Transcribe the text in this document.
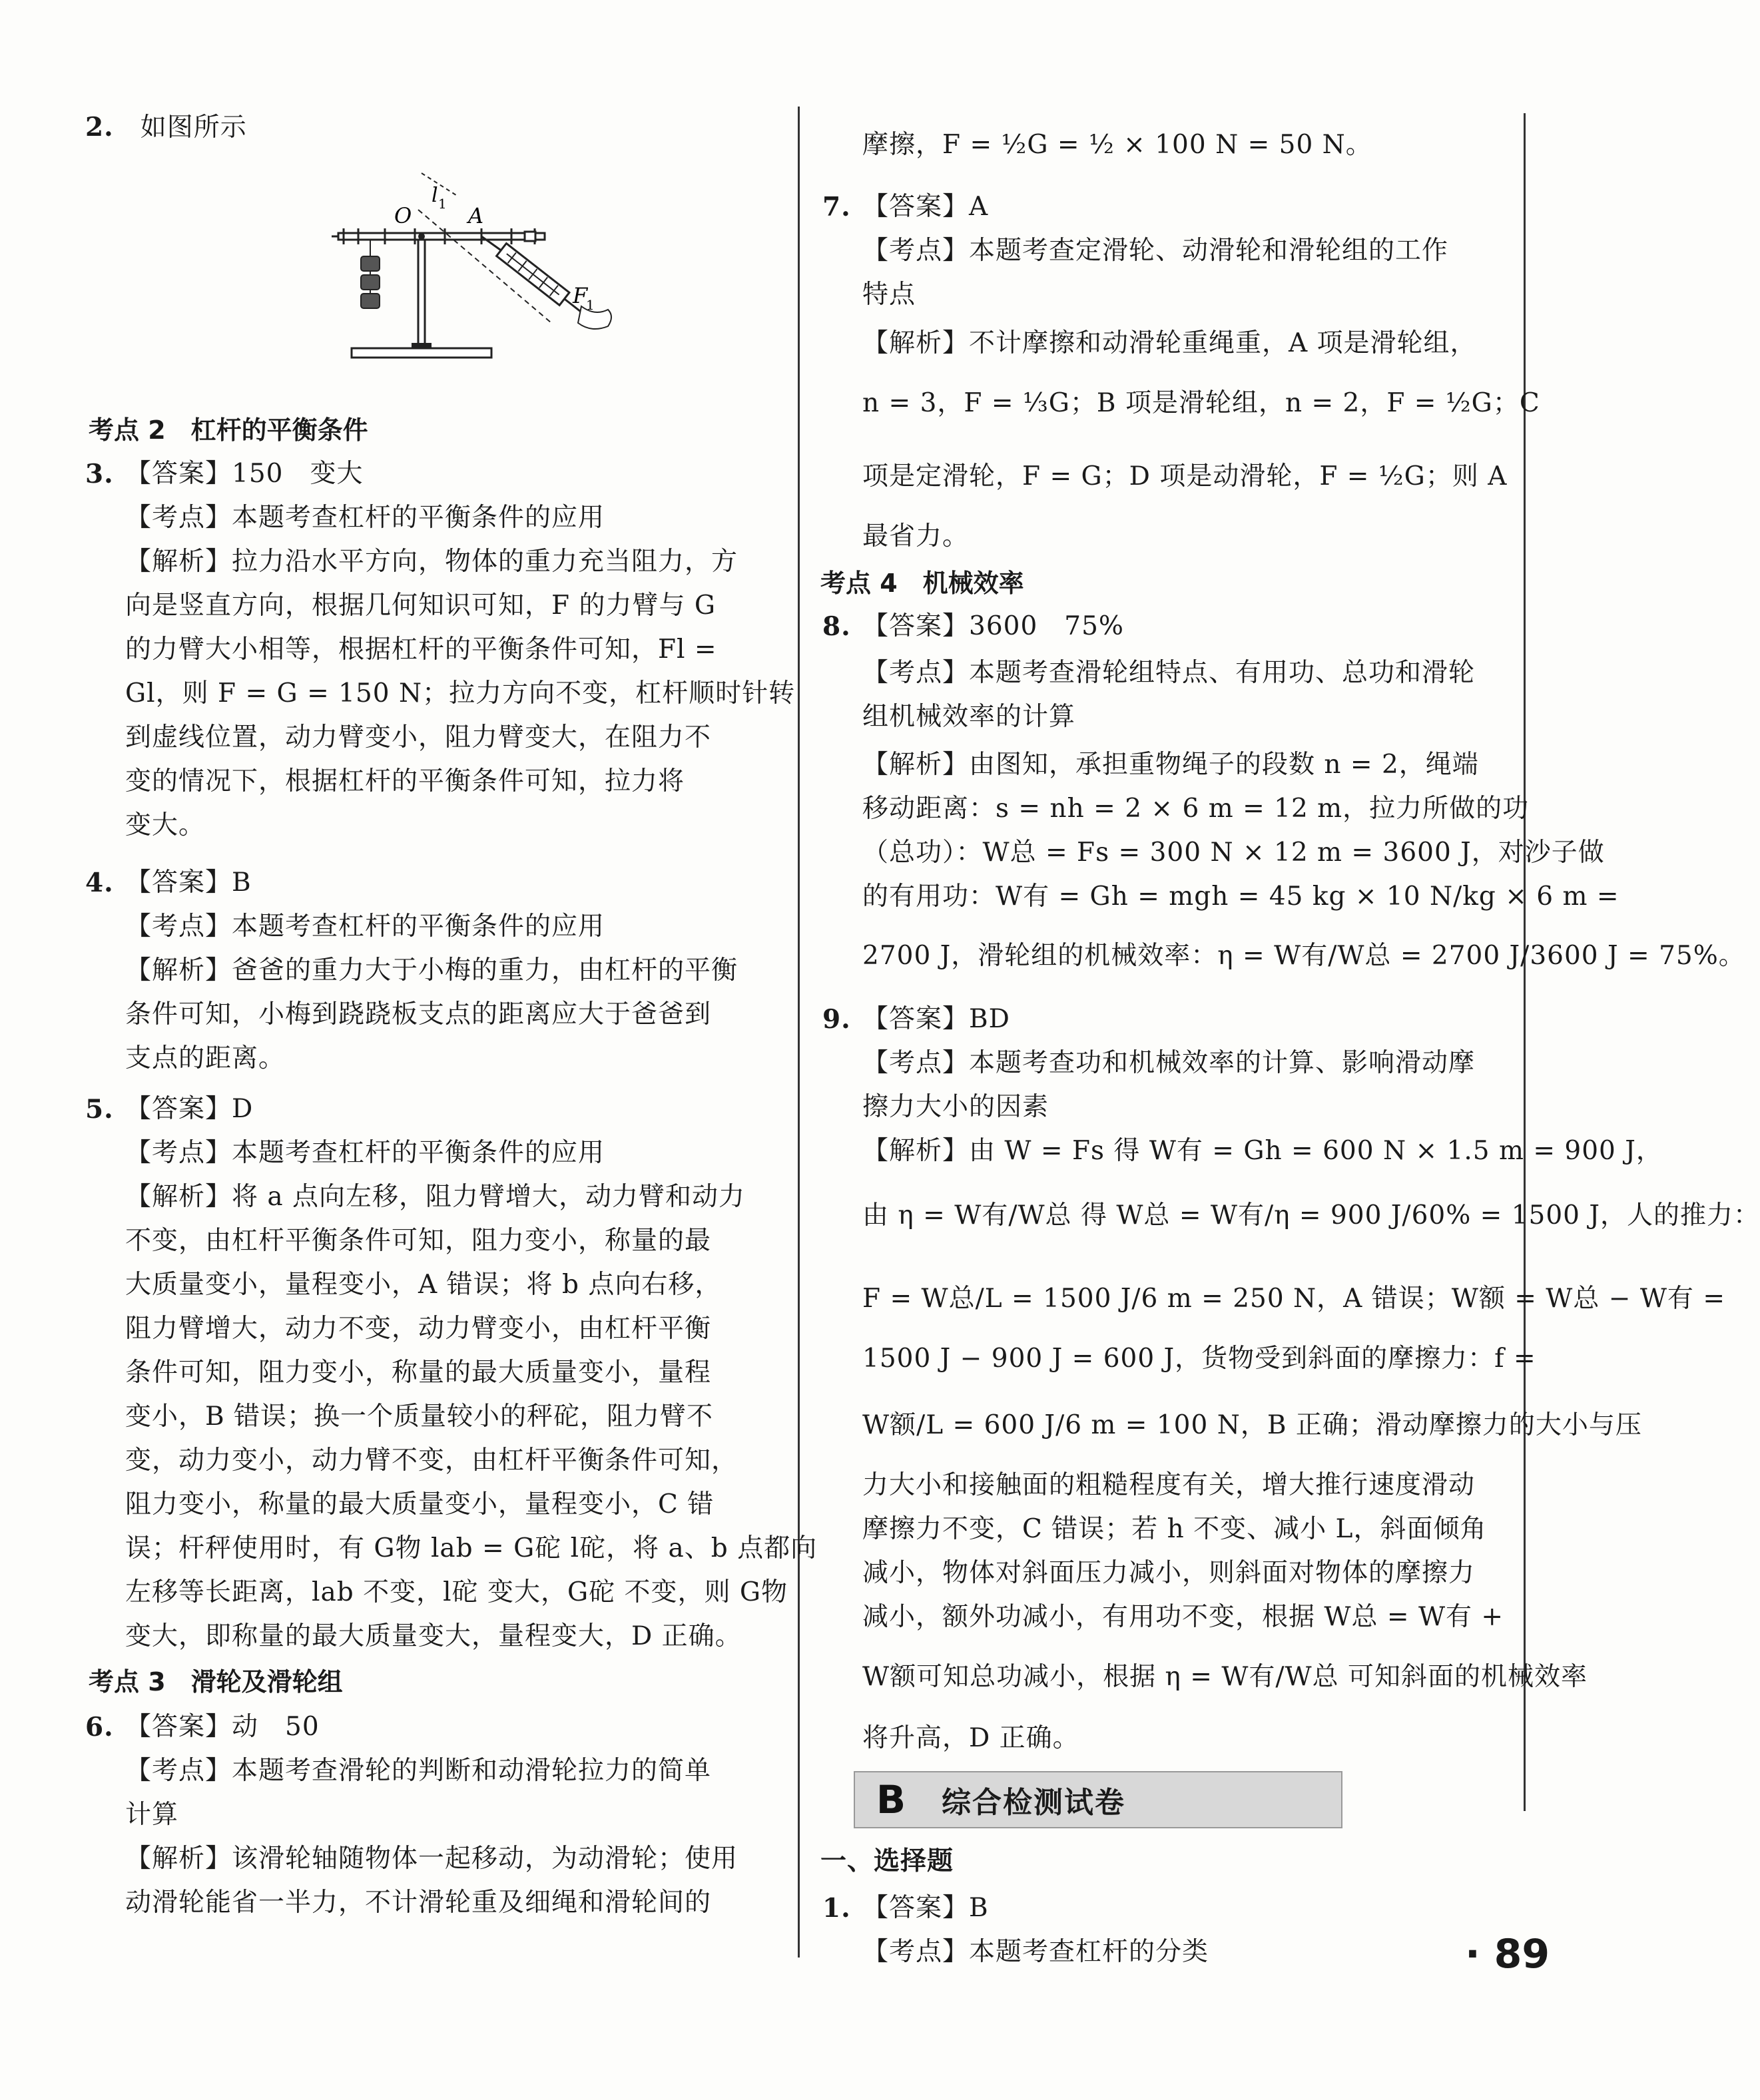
2.　 如图所示
O
l 1 A
F
1
考点 2　杠杆的平衡条件
3. 【答案】150　变大
【考点】本题考查杠杆的平衡条件的应用
【解析】拉力沿水平方向，物体的重力充当阻力，方
向是竖直方向，根据几何知识可知，F 的力臂与 G
的力臂大小相等，根据杠杆的平衡条件可知，Fl =
Gl，则 F = G = 150 N；拉力方向不变，杠杆顺时针转
到虚线位置，动力臂变小，阻力臂变大，在阻力不
变的情况下，根据杠杆的平衡条件可知，拉力将
变大。
4. 【答案】B
【考点】本题考查杠杆的平衡条件的应用
【解析】爸爸的重力大于小梅的重力，由杠杆的平衡
条件可知，小梅到跷跷板支点的距离应大于爸爸到
支点的距离。
5. 【答案】D
【考点】本题考查杠杆的平衡条件的应用
【解析】将 a 点向左移，阻力臂增大，动力臂和动力
不变，由杠杆平衡条件可知，阻力变小，称量的最
大质量变小，量程变小，A 错误；将 b 点向右移，
阻力臂增大，动力不变，动力臂变小，由杠杆平衡
条件可知，阻力变小，称量的最大质量变小，量程
变小，B 错误；换一个质量较小的秤砣，阻力臂不
变，动力变小，动力臂不变，由杠杆平衡条件可知，
阻力变小，称量的最大质量变小，量程变小，C 错
误；杆秤使用时，有 G物 lab = G砣 l砣，将 a、b 点都向
左移等长距离，lab 不变，l砣 变大，G砣 不变，则 G物
变大，即称量的最大质量变大，量程变大，D 正确。
考点 3　滑轮及滑轮组
6. 【答案】动　50
【考点】本题考查滑轮的判断和动滑轮拉力的简单
计算
【解析】该滑轮轴随物体一起移动，为动滑轮；使用
动滑轮能省一半力，不计滑轮重及细绳和滑轮间的
摩擦，F = ½G = ½ × 100 N = 50 N。
7. 【答案】A
【考点】本题考查定滑轮、动滑轮和滑轮组的工作
特点
【解析】不计摩擦和动滑轮重绳重，A 项是滑轮组，
n = 3，F = ⅓G；B 项是滑轮组，n = 2，F = ½G；C
项是定滑轮，F = G；D 项是动滑轮，F = ½G；则 A
最省力。
考点 4　机械效率
8. 【答案】3600　75%
【考点】本题考查滑轮组特点、有用功、总功和滑轮
组机械效率的计算
【解析】由图知，承担重物绳子的段数 n = 2，绳端
移动距离：s = nh = 2 × 6 m = 12 m，拉力所做的功
（总功）：W总 = Fs = 300 N × 12 m = 3600 J，对沙子做
的有用功：W有 = Gh = mgh = 45 kg × 10 N/kg × 6 m =
2700 J，滑轮组的机械效率：η = W有/W总 = 2700 J/3600 J = 75%。
9. 【答案】BD
【考点】本题考查功和机械效率的计算、影响滑动摩
擦力大小的因素
【解析】由 W = Fs 得 W有 = Gh = 600 N × 1.5 m = 900 J，
由 η = W有/W总 得 W总 = W有/η = 900 J/60% = 1500 J，人的推力：
F = W总/L = 1500 J/6 m = 250 N，A 错误；W额 = W总 − W有 =
1500 J − 900 J = 600 J，货物受到斜面的摩擦力：f =
W额/L = 600 J/6 m = 100 N，B 正确；滑动摩擦力的大小与压
力大小和接触面的粗糙程度有关，增大推行速度滑动
摩擦力不变，C 错误；若 h 不变、减小 L，斜面倾角
减小，物体对斜面压力减小，则斜面对物体的摩擦力
减小，额外功减小，有用功不变，根据 W总 = W有 +
W额可知总功减小，根据 η = W有/W总 可知斜面的机械效率
将升高，D 正确。
一、选择题
1. 【答案】B
【考点】本题考查杠杆的分类
B	综合检测试卷
· 89
